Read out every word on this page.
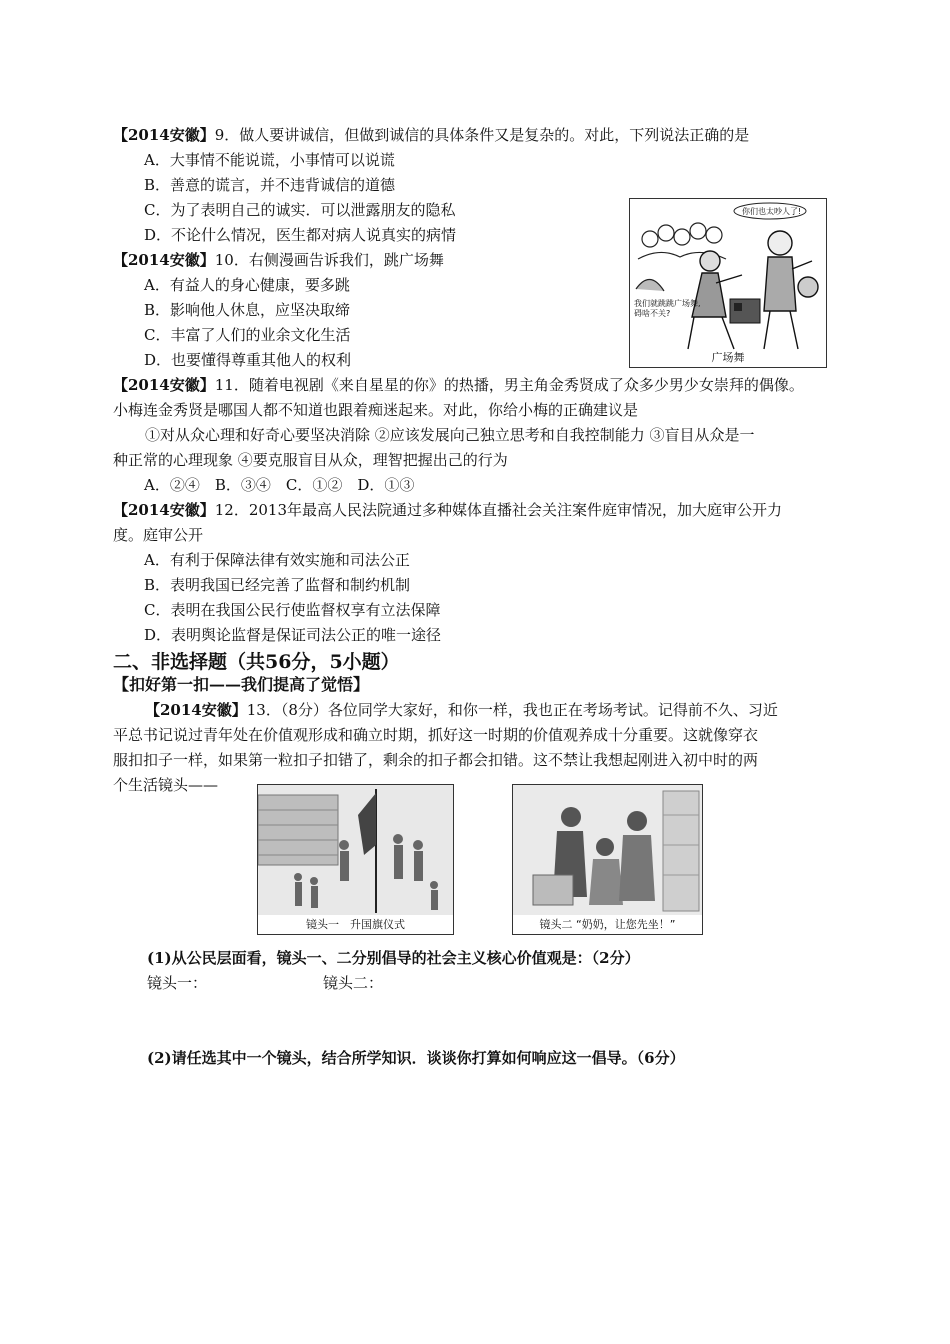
【2014安徽】9．做人要讲诚信，但做到诚信的具体条件又是复杂的。对此，下列说法正确的是
A．大事情不能说谎，小事情可以说谎
B．善意的谎言，并不违背诚信的道德
C．为了表明自己的诚实．可以泄露朋友的隐私
D．不论什么情况，医生都对病人说真实的病情
【2014安徽】10．右侧漫画告诉我们，跳广场舞
A．有益人的身心健康，要多跳
B．影响他人休息，应坚决取缔
C．丰富了人们的业余文化生活
D．也要懂得尊重其他人的权利
你们也太吵人了!
我们就跳跳广场舞,碍啥不关?
广场舞
【2014安徽】11．随着电视剧《来自星星的你》的热播，男主角金秀贤成了众多少男少女崇拜的偶像。
小梅连金秀贤是哪国人都不知道也跟着痴迷起来。对此，你给小梅的正确建议是
①对从众心理和好奇心要坚决消除 ②应该发展向己独立思考和自我控制能力 ③盲目从众是一
种正常的心理现象 ④要克服盲目从众，理智把握出己的行为
A．②④　B．③④　C．①②　D．①③
【2014安徽】12．2013年最高人民法院通过多种媒体直播社会关注案件庭审情况，加大庭审公开力
度。庭审公开
A．有利于保障法律有效实施和司法公正
B．表明我国已经完善了监督和制约机制
C．表明在我国公民行使监督权享有立法保障
D．表明舆论监督是保证司法公正的唯一途径
二、非选择题（共56分，5小题）
【扣好第一扣——我们提高了觉悟】
【2014安徽】13．（8分）各位同学大家好，和你一样，我也正在考场考试。记得前不久、习近
平总书记说过青年处在价值观形成和确立时期，抓好这一时期的价值观养成十分重要。这就像穿衣
服扣扣子一样，如果第一粒扣子扣错了，剩余的扣子都会扣错。这不禁让我想起刚进入初中时的两
个生活镜头——
镜头一　升国旗仪式	镜头二 “奶奶，让您先坐！”
(1)从公民层面看，镜头一、二分别倡导的社会主义核心价值观是：（2分）
镜头一：	镜头二：
(2)请任选其中一个镜头，结合所学知识．谈谈你打算如何响应这一倡导。（6分）
